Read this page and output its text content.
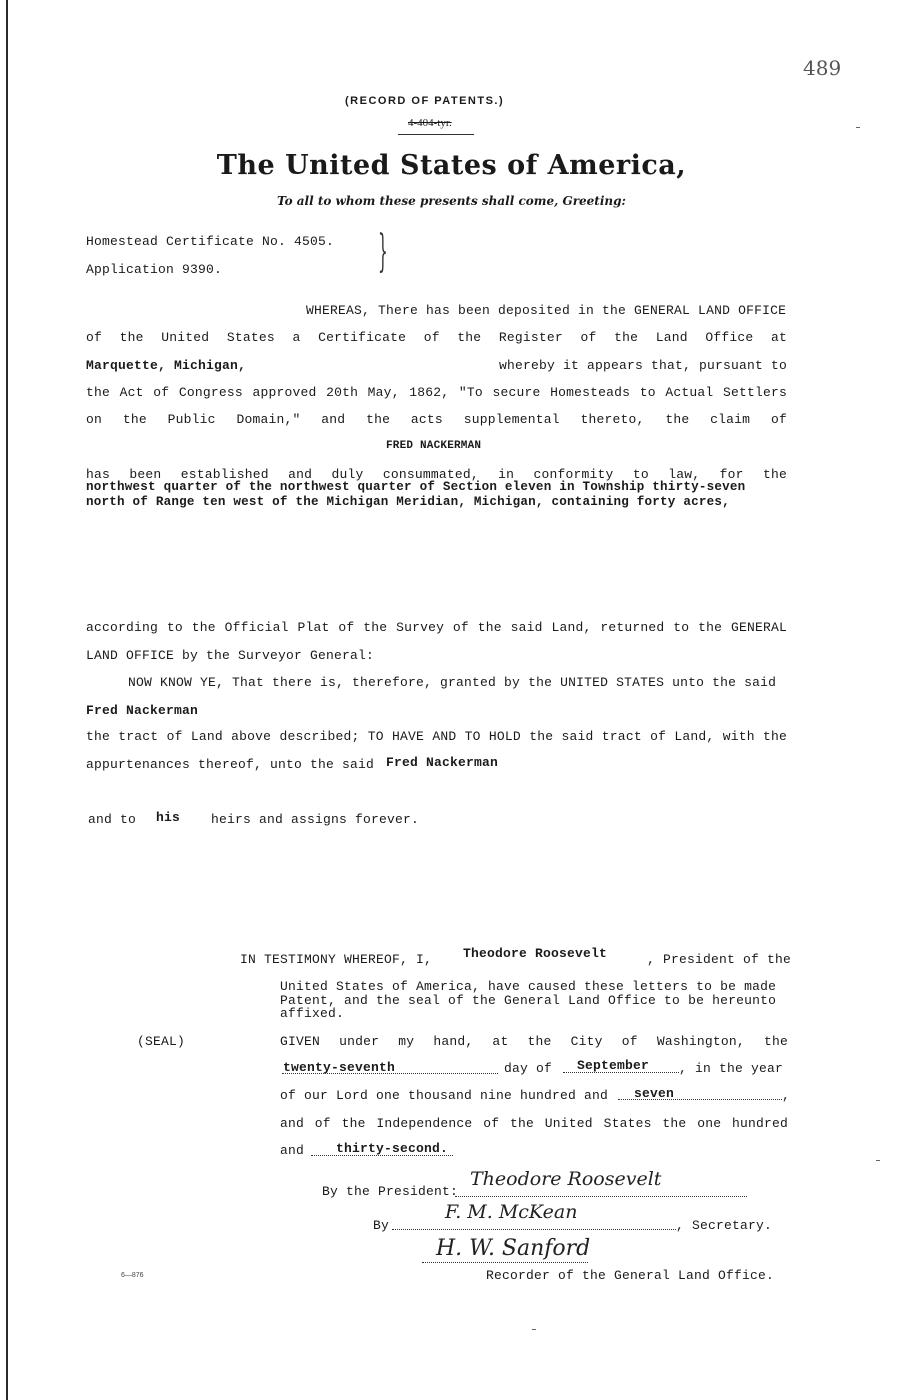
489
(RECORD OF PATENTS.)
4-404-tyr.
The United States of America,
To all to whom these presents shall come, Greeting:
Homestead Certificate No. 4505.
Application 9390.	}
WHEREAS, There has been deposited in the GENERAL LAND OFFICE
of the United States a Certificate of the Register of the Land Office at
Marquette, Michigan,	whereby it appears that, pursuant to
the Act of Congress approved 20th May, 1862, "To secure Homesteads to Actual Settlers
on the Public Domain," and the acts supplemental thereto, the claim of
FRED NACKERMAN
has been established and duly consummated, in conformity to law, for the
northwest quarter of the northwest quarter of Section eleven in Township thirty-seven
north of Range ten west of the Michigan Meridian, Michigan, containing forty acres,
according to the Official Plat of the Survey of the said Land, returned to the GENERAL
LAND OFFICE by the Surveyor General:
NOW KNOW YE, That there is, therefore, granted by the UNITED STATES unto the said
Fred Nackerman
the tract of Land above described; TO HAVE AND TO HOLD the said tract of Land, with the
appurtenances thereof, unto the said Fred Nackerman
and to his heirs and assigns forever.
IN TESTIMONY WHEREOF, I, Theodore Roosevelt	, President of the
United States of America, have caused these letters to be made
Patent, and the seal of the General Land Office to be hereunto
affixed.
(SEAL)	GIVEN under my hand, at the City of Washington, the
twenty-seventh	day of September , in the year
of our Lord one thousand nine hundred and seven	,
and of the Independence of the United States the one hundred
and thirty-second.
By the President:
Theodore Roosevelt
By
F. M. McKean
, Secretary.
H. W. Sanford
Recorder of the General Land Office.
6—876
